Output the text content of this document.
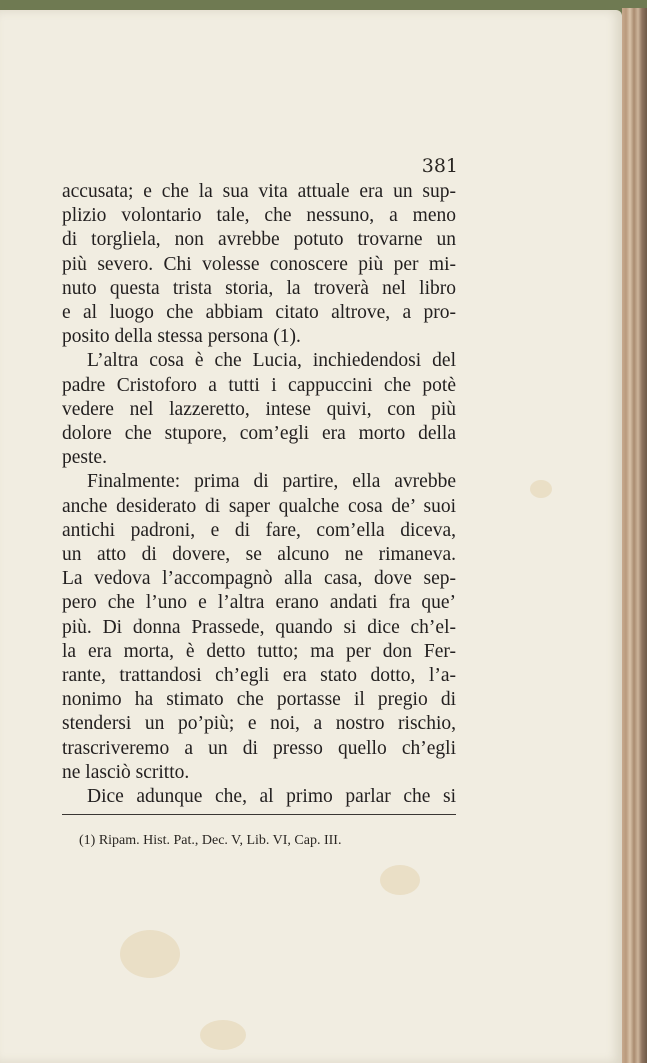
381
accusata; e che la sua vita attuale era un sup-
plizio volontario tale, che nessuno, a meno
di torgliela, non avrebbe potuto trovarne un
più severo. Chi volesse conoscere più per mi-
nuto questa trista storia, la troverà nel libro
e al luogo che abbiam citato altrove, a pro-
posito della stessa persona (1).
L’altra cosa è che Lucia, inchiedendosi del
padre Cristoforo a tutti i cappuccini che potè
vedere nel lazzeretto, intese quivi, con più
dolore che stupore, com’egli era morto della
peste.
Finalmente: prima di partire, ella avrebbe
anche desiderato di saper qualche cosa de’ suoi
antichi padroni, e di fare, com’ella diceva,
un atto di dovere, se alcuno ne rimaneva.
La vedova l’accompagnò alla casa, dove sep-
pero che l’uno e l’altra erano andati fra que’
più. Di donna Prassede, quando si dice ch’el-
la era morta, è detto tutto; ma per don Fer-
rante, trattandosi ch’egli era stato dotto, l’a-
nonimo ha stimato che portasse il pregio di
stendersi un po’più; e noi, a nostro rischio,
trascriveremo a un di presso quello ch’egli
ne lasciò scritto.
Dice adunque che, al primo parlar che si
(1) Ripam. Hist. Pat., Dec. V, Lib. VI, Cap. III.
